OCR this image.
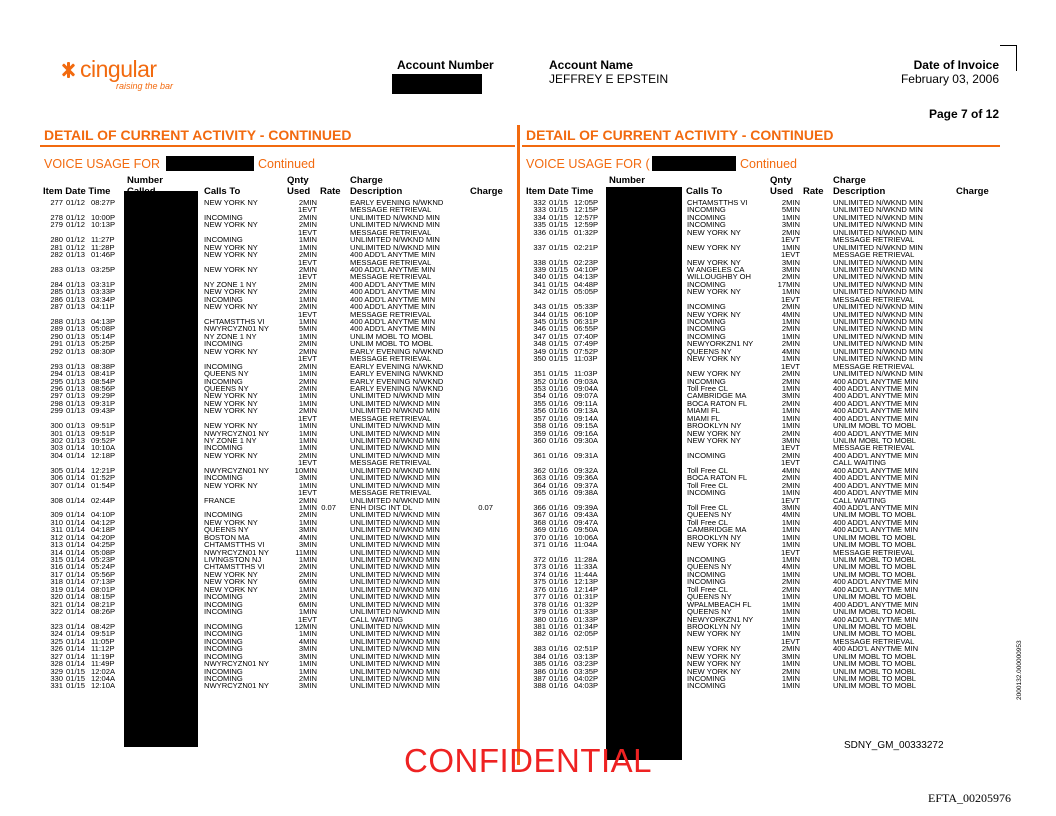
cingular
raising the bar
Account Number	Account Name
JEFFREY E EPSTEIN
Date of Invoice
February 03, 2006
Page 7 of 12
DETAIL OF CURRENT ACTIVITY - CONTINUED	DETAIL OF CURRENT ACTIVITY - CONTINUED
VOICE USAGE FOR	Continued	VOICE USAGE FOR (	Continued
Item Date Time
Number
Calls To
Qnty
Used Rate
Charge
Description	Charge Item Date Time
Number
Calls To
Qnty
Used Rate
Charge
Description	Charge
277 01/12 08:27P	NEW YORK NY	2MIN	EARLY EVENING N/WKND
1EVT	MESSAGE RETRIEVAL
278 01/12 10:00P	INCOMING	2MIN	UNLIMITED N/WKND MIN
279 01/12 10:13P	NEW YORK NY	2MIN	UNLIMITED N/WKND MIN
1EVT	MESSAGE RETRIEVAL
280 01/12 11:27P	INCOMING	1MIN	UNLIMITED N/WKND MIN
281 01/12 11:28P	NEW YORK NY	1MIN	UNLIMITED N/WKND MIN
282 01/13 01:46P	NEW YORK NY	2MIN	400 ADD'L ANYTME MIN
1EVT	MESSAGE RETRIEVAL
283 01/13 03:25P	NEW YORK NY	2MIN	400 ADD'L ANYTME MIN
1EVT	MESSAGE RETRIEVAL
284 01/13 03:31P	NY ZONE 1 NY	2MIN	400 ADD'L ANYTME MIN
285 01/13 03:33P	NEW YORK NY	2MIN	400 ADD'L ANYTME MIN
286 01/13 03:34P	INCOMING	1MIN	400 ADD'L ANYTME MIN
287 01/13 04:11P	NEW YORK NY	2MIN	400 ADD'L ANYTME MIN
1EVT	MESSAGE RETRIEVAL
288 01/13 04:13P	CHTAMSTTHS VI	1MIN	400 ADD'L ANYTME MIN
289 01/13 05:08P	NWYRCYZN01 NY	5MIN	400 ADD'L ANYTME MIN
290 01/13 05:14P	NY ZONE 1 NY	1MIN	UNLIM MOBL TO MOBL
291 01/13 05:25P	INCOMING	2MIN	UNLIM MOBL TO MOBL
292 01/13 08:30P	NEW YORK NY	2MIN	EARLY EVENING N/WKND
1EVT	MESSAGE RETRIEVAL
293 01/13 08:38P	INCOMING	2MIN	EARLY EVENING N/WKND
294 01/13 08:41P	QUEENS NY	1MIN	EARLY EVENING N/WKND
295 01/13 08:54P	INCOMING	2MIN	EARLY EVENING N/WKND
296 01/13 08:56P	QUEENS NY	2MIN	EARLY EVENING N/WKND
297 01/13 09:29P	NEW YORK NY	1MIN	UNLIMITED N/WKND MIN
298 01/13 09:31P	NEW YORK NY	1MIN	UNLIMITED N/WKND MIN
299 01/13 09:43P	NEW YORK NY	2MIN	UNLIMITED N/WKND MIN
1EVT	MESSAGE RETRIEVAL
300 01/13 09:51P	NEW YORK NY	1MIN	UNLIMITED N/WKND MIN
301 01/13 09:51P	NWYRCYZN01 NY	1MIN	UNLIMITED N/WKND MIN
302 01/13 09:52P	NY ZONE 1 NY	1MIN	UNLIMITED N/WKND MIN
303 01/14 10:10A	INCOMING	1MIN	UNLIMITED N/WKND MIN
304 01/14 12:18P	NEW YORK NY	2MIN	UNLIMITED N/WKND MIN
1EVT	MESSAGE RETRIEVAL
305 01/14 12:21P	NWYRCYZN01 NY	10MIN	UNLIMITED N/WKND MIN
306 01/14 01:52P	INCOMING	3MIN	UNLIMITED N/WKND MIN
307 01/14 01:54P	NEW YORK NY	1MIN	UNLIMITED N/WKND MIN
1EVT	MESSAGE RETRIEVAL
308 01/14 02:44P	FRANCE	2MIN	UNLIMITED N/WKND MIN
1MIN 0.07 ENH DISC INT DL	0.07
309 01/14 04:10P	INCOMING	2MIN	UNLIMITED N/WKND MIN
310 01/14 04:12P	NEW YORK NY	1MIN	UNLIMITED N/WKND MIN
311 01/14 04:18P	QUEENS NY	3MIN	UNLIMITED N/WKND MIN
312 01/14 04:20P	BOSTON MA	4MIN	UNLIMITED N/WKND MIN
313 01/14 04:25P	CHTAMSTTHS VI	3MIN	UNLIMITED N/WKND MIN
314 01/14 05:08P	NWYRCYZN01 NY	11MIN	UNLIMITED N/WKND MIN
315 01/14 05:23P	LIVINGSTON NJ	1MIN	UNLIMITED N/WKND MIN
316 01/14 05:24P	CHTAMSTTHS VI	2MIN	UNLIMITED N/WKND MIN
317 01/14 05:56P	NEW YORK NY	2MIN	UNLIMITED N/WKND MIN
318 01/14 07:13P	NEW YORK NY	6MIN	UNLIMITED N/WKND MIN
319 01/14 08:01P	NEW YORK NY	1MIN	UNLIMITED N/WKND MIN
320 01/14 08:15P	INCOMING	2MIN	UNLIMITED N/WKND MIN
321 01/14 08:21P	INCOMING	6MIN	UNLIMITED N/WKND MIN
322 01/14 08:26P	INCOMING	1MIN	UNLIMITED N/WKND MIN
1EVT	CALL WAITING
323 01/14 08:42P	INCOMING	12MIN	UNLIMITED N/WKND MIN
324 01/14 09:51P	INCOMING	1MIN	UNLIMITED N/WKND MIN
325 01/14 11:05P	INCOMING	4MIN	UNLIMITED N/WKND MIN
326 01/14 11:12P	INCOMING	3MIN	UNLIMITED N/WKND MIN
327 01/14 11:19P	INCOMING	3MIN	UNLIMITED N/WKND MIN
328 01/14 11:49P	NWYRCYZN01 NY	1MIN	UNLIMITED N/WKND MIN
329 01/15 12:02A	INCOMING	1MIN	UNLIMITED N/WKND MIN
330 01/15 12:04A	INCOMING	2MIN	UNLIMITED N/WKND MIN
331 01/15 12:10A	NWYRCYZN01 NY	3MIN	UNLIMITED N/WKND MIN
332 01/15 12:05P	CHTAMSTTHS VI	2MIN	UNLIMITED N/WKND MIN
333 01/15 12:15P	INCOMING	5MIN	UNLIMITED N/WKND MIN
334 01/15 12:57P	INCOMING	1MIN	UNLIMITED N/WKND MIN
335 01/15 12:59P	INCOMING	3MIN	UNLIMITED N/WKND MIN
336 01/15 01:32P	NEW YORK NY	2MIN	UNLIMITED N/WKND MIN
1EVT	MESSAGE RETRIEVAL
337 01/15 02:21P	NEW YORK NY	1MIN	UNLIMITED N/WKND MIN
1EVT	MESSAGE RETRIEVAL
338 01/15 02:23P	NEW YORK NY	3MIN	UNLIMITED N/WKND MIN
339 01/15 04:10P	W ANGELES CA	3MIN	UNLIMITED N/WKND MIN
340 01/15 04:13P	WILLOUGHBY OH	2MIN	UNLIMITED N/WKND MIN
341 01/15 04:48P	INCOMING	17MIN	UNLIMITED N/WKND MIN
342 01/15 05:05P	NEW YORK NY	1MIN	UNLIMITED N/WKND MIN
1EVT	MESSAGE RETRIEVAL
343 01/15 05:33P	INCOMING	2MIN	UNLIMITED N/WKND MIN
344 01/15 06:10P	NEW YORK NY	4MIN	UNLIMITED N/WKND MIN
345 01/15 06:31P	INCOMING	1MIN	UNLIMITED N/WKND MIN
346 01/15 06:55P	INCOMING	2MIN	UNLIMITED N/WKND MIN
347 01/15 07:40P	INCOMING	1MIN	UNLIMITED N/WKND MIN
348 01/15 07:49P	NEWYORKZN1 NY	2MIN	UNLIMITED N/WKND MIN
349 01/15 07:52P	QUEENS NY	4MIN	UNLIMITED N/WKND MIN
350 01/15 11:03P	NEW YORK NY	1MIN	UNLIMITED N/WKND MIN
1EVT	MESSAGE RETRIEVAL
351 01/15 11:03P	NEW YORK NY	2MIN	UNLIMITED N/WKND MIN
352 01/16 09:03A	INCOMING	2MIN	400 ADD'L ANYTME MIN
353 01/16 09:04A	Toll Free CL	1MIN	400 ADD'L ANYTME MIN
354 01/16 09:07A	CAMBRIDGE MA	3MIN	400 ADD'L ANYTME MIN
355 01/16 09:11A	BOCA RATON FL	2MIN	400 ADD'L ANYTME MIN
356 01/16 09:13A	MIAMI FL	1MIN	400 ADD'L ANYTME MIN
357 01/16 09:14A	MIAMI FL	1MIN	400 ADD'L ANYTME MIN
358 01/16 09:15A	BROOKLYN NY	1MIN	UNLIM MOBL TO MOBL
359 01/16 09:16A	NEW YORK NY	2MIN	400 ADD'L ANYTME MIN
360 01/16 09:30A	NEW YORK NY	3MIN	UNLIM MOBL TO MOBL
1EVT	MESSAGE RETRIEVAL
361 01/16 09:31A	INCOMING	2MIN	400 ADD'L ANYTME MIN
1EVT	CALL WAITING
362 01/16 09:32A	Toll Free CL	4MIN	400 ADD'L ANYTME MIN
363 01/16 09:36A	BOCA RATON FL	2MIN	400 ADD'L ANYTME MIN
364 01/16 09:37A	Toll Free CL	2MIN	400 ADD'L ANYTME MIN
365 01/16 09:38A	INCOMING	1MIN	400 ADD'L ANYTME MIN
1EVT	CALL WAITING
366 01/16 09:39A	Toll Free CL	3MIN	400 ADD'L ANYTME MIN
367 01/16 09:43A	QUEENS NY	4MIN	UNLIM MOBL TO MOBL
368 01/16 09:47A	Toll Free CL	1MIN	400 ADD'L ANYTME MIN
369 01/16 09:50A	CAMBRIDGE MA	1MIN	400 ADD'L ANYTME MIN
370 01/16 10:06A	BROOKLYN NY	1MIN	UNLIM MOBL TO MOBL
371 01/16 11:04A	NEW YORK NY	1MIN	UNLIM MOBL TO MOBL
1EVT	MESSAGE RETRIEVAL
372 01/16 11:28A	INCOMING	1MIN	UNLIM MOBL TO MOBL
373 01/16 11:33A	QUEENS NY	4MIN	UNLIM MOBL TO MOBL
374 01/16 11:44A	INCOMING	1MIN	UNLIM MOBL TO MOBL
375 01/16 12:13P	INCOMING	2MIN	400 ADD'L ANYTME MIN
376 01/16 12:14P	Toll Free CL	2MIN	400 ADD'L ANYTME MIN
377 01/16 01:31P	QUEENS NY	1MIN	UNLIM MOBL TO MOBL
378 01/16 01:32P	WPALMBEACH FL	1MIN	400 ADD'L ANYTME MIN
379 01/16 01:33P	QUEENS NY	1MIN	UNLIM MOBL TO MOBL
380 01/16 01:33P	NEWYORKZN1 NY	1MIN	400 ADD'L ANYTME MIN
381 01/16 01:34P	BROOKLYN NY	1MIN	UNLIM MOBL TO MOBL
382 01/16 02:05P	NEW YORK NY	1MIN	UNLIM MOBL TO MOBL
1EVT	MESSAGE RETRIEVAL
383 01/16 02:51P	NEW YORK NY	2MIN	400 ADD'L ANYTME MIN
384 01/16 03:13P	NEW YORK NY	3MIN	UNLIM MOBL TO MOBL
385 01/16 03:23P	NEW YORK NY	1MIN	UNLIM MOBL TO MOBL
386 01/16 03:35P	NEW YORK NY	2MIN	UNLIM MOBL TO MOBL
387 01/16 04:02P	INCOMING	1MIN	UNLIM MOBL TO MOBL
388 01/16 04:03P	INCOMING	1MIN	UNLIM MOBL TO MOBL
CONFIDENTIAL	SDNY_GM_00333272
EFTA_00205976
2000132.000000953
